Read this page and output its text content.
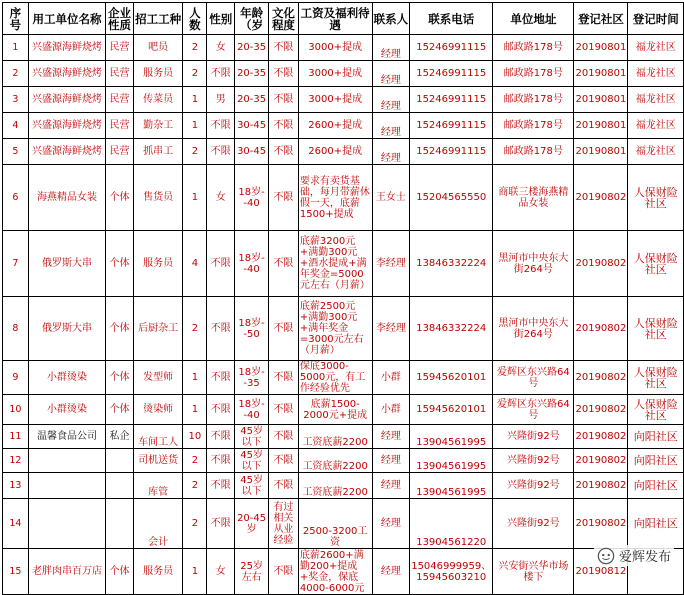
序号	用工单位名称	企业性质	招工工种	人数	性别	年龄（岁	文化程度	工资及福利待遇	联系人	联系电话	单位地址	登记社区	登记时间
1	兴盛源海鲜烧烤	民营	吧员	2	女	20-35	不限	3000+提成	经理	15246991115	邮政路178号	20190801	福龙社区
2	兴盛源海鲜烧烤	民营	服务员	2	不限	20-35	不限	3000+提成	经理	15246991115	邮政路178号	20190801	福龙社区
3	兴盛源海鲜烧烤	民营	传菜员	1	男	20-35	不限	3000+提成	经理	15246991115	邮政路178号	20190801	福龙社区
4	兴盛源海鲜烧烤	民营	勤杂工	1	不限	30-45	不限	2600+提成	经理	15246991115	邮政路178号	20190801	福龙社区
5	兴盛源海鲜烧烤	民营	抓串工	2	不限	30-45	不限	2600+提成	经理	15246991115	邮政路178号	20190801	福龙社区
6	海燕精品女装	个体	售货员	1	女	18岁--40	不限	要求有卖货基础，每月带薪休假一天，底薪1500+提成	王女士	15204565550	商联三楼海燕精品女装	20190802	人保财险社区
7	俄罗斯大串	个体	服务员	4	不限	18岁--40	不限	底薪3200元+满勤300元+酒水提成+满年奖金=5000元左右（月薪）	李经理	13846332224	黑河市中央东大街264号	20190802	人保财险社区
8	俄罗斯大串	个体	后厨杂工	2	不限	18岁--50	不限	底薪2500元+满勤300元+满年奖金=3000元左右（月薪）	李经理	13846332224	黑河市中央东大街264号	20190802	人保财险社区
9	小群烫染	个体	发型师	1	不限	18岁--35	不限	保底3000-5000元，有工作经验优先	小群	15945620101	爱辉区东兴路64号	20190802	人保财险社区
10	小群烫染	个体	烫染师	1	不限	18岁--40	不限	底薪1500-2000元+提成	小群	15945620101	爱辉区东兴路64号	20190802	人保财险社区
11	温馨食品公司	私企	车间工人	10	不限	45岁以下	不限	工资底薪2200	经理	13904561995	兴隆街92号	20190802	向阳社区
12			司机送货	2	不限	45岁以下	不限	工资底薪2200	经理	13904561995	兴隆街92号	20190802	向阳社区
13			库管	2	不限	45岁以下	不限	工资底薪2200	经理	13904561995	兴隆街92号	20190802	向阳社区
14			会计	2	不限	20-45岁	有过相关从业经验	2500-3200工资	经理	13904561220	兴隆街92号	20190802	向阳社区
15	老胖肉串百万店	个体	服务员	1	女	25岁左右	不限	底薪2600+满勤200+提成+奖金，保底4000-6000元	经理	15046999959、15945603210	兴安街兴华市场楼下	20190812	
爱辉发布
